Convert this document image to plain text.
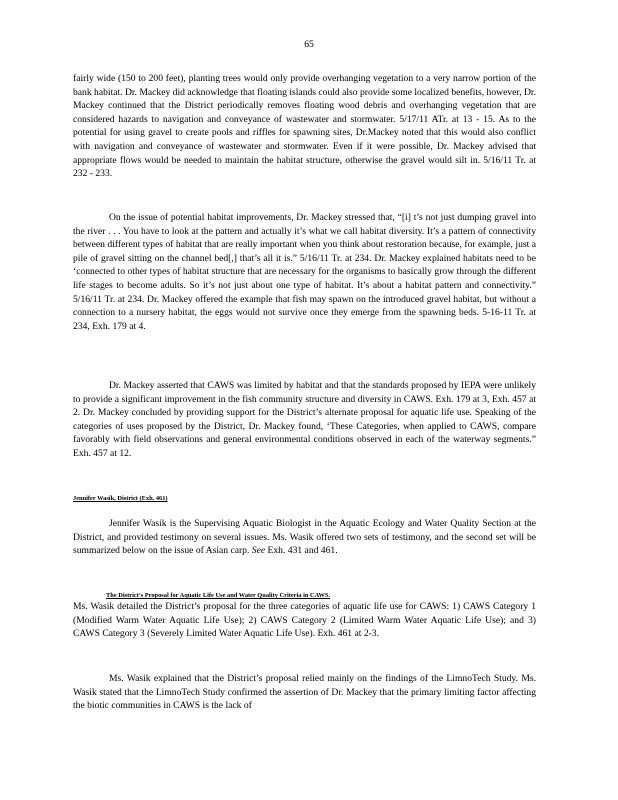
65

fairly wide (150 to 200 feet), planting trees would only provide overhanging vegetation to a very narrow portion of the bank habitat. Dr. Mackey did acknowledge that floating islands could also provide some localized benefits, however, Dr. Mackey continued that the District periodically removes floating wood debris and overhanging vegetation that are considered hazards to navigation and conveyance of wastewater and stormwater. 5/17/11 ATr. at 13 - 15. As to the potential for using gravel to create pools and riffles for spawning sites, Dr.Mackey noted that this would also conflict with navigation and conveyance of wastewater and stormwater. Even if it were possible, Dr. Mackey advised that appropriate flows would be needed to maintain the habitat structure, otherwise the gravel would silt in. 5/16/11 Tr. at 232 - 233.

On the issue of potential habitat improvements, Dr. Mackey stressed that, “[i] t’s not just dumping gravel into the river . . . You have to look at the pattern and actually it’s what we call habitat diversity. It’s a pattern of connectivity between different types of habitat that are really important when you think about restoration because, for example, just a pile of gravel sitting on the channel bed[,] that’s all it is.” 5/16/11 Tr. at 234. Dr. Mackey explained habitats need to be ‘connected to other types of habitat structure that are necessary for the organisms to basically grow through the different life stages to become adults. So it’s not just about one type of habitat. It’s about a habitat pattern and connectivity.” 5/16/11 Tr. at 234. Dr. Mackey offered the example that fish may spawn on the introduced gravel habitat, but without a connection to a nursery habitat, the eggs would not survive once they emerge from the spawning beds. 5-16-11 Tr. at 234, Exh. 179 at 4.

Dr. Mackey asserted that CAWS was limited by habitat and that the standards proposed by IEPA were unlikely to provide a significant improvement in the fish community structure and diversity in CAWS. Exh. 179 at 3, Exh. 457 at 2. Dr. Mackey concluded by providing support for the District’s alternate proposal for aquatic life use. Speaking of the categories of uses proposed by the District, Dr. Mackey found, ‘These Categories, when applied to CAWS, compare favorably with field observations and general environmental conditions observed in each of the waterway segments.” Exh. 457 at 12.

Jennifer Wasik, District (Exh. 461)

Jennifer Wasik is the Supervising Aquatic Biologist in the Aquatic Ecology and Water Quality Section at the District, and provided testimony on several issues. Ms. Wasik offered two sets of testimony, and the second set will be summarized below on the issue of Asian carp. See Exh. 431 and 461.

The District's Proposal for Aquatic Life Use and Water Quality Criteria in CAWS.

Ms. Wasik detailed the District’s proposal for the three categories of aquatic life use for CAWS: 1) CAWS Category 1 (Modified Warm Water Aquatic Life Use); 2) CAWS Category 2 (Limited Warm Water Aquatic Life Use); and 3) CAWS Category 3 (Severely Limited Water Aquatic Life Use). Exh. 461 at 2-3.

Ms. Wasik explained that the District’s proposal relied mainly on the findings of the LimnoTech Study. Ms. Wasik stated that the LimnoTech Study confirmed the assertion of Dr. Mackey that the primary limiting factor affecting the biotic communities in CAWS is the lack of
